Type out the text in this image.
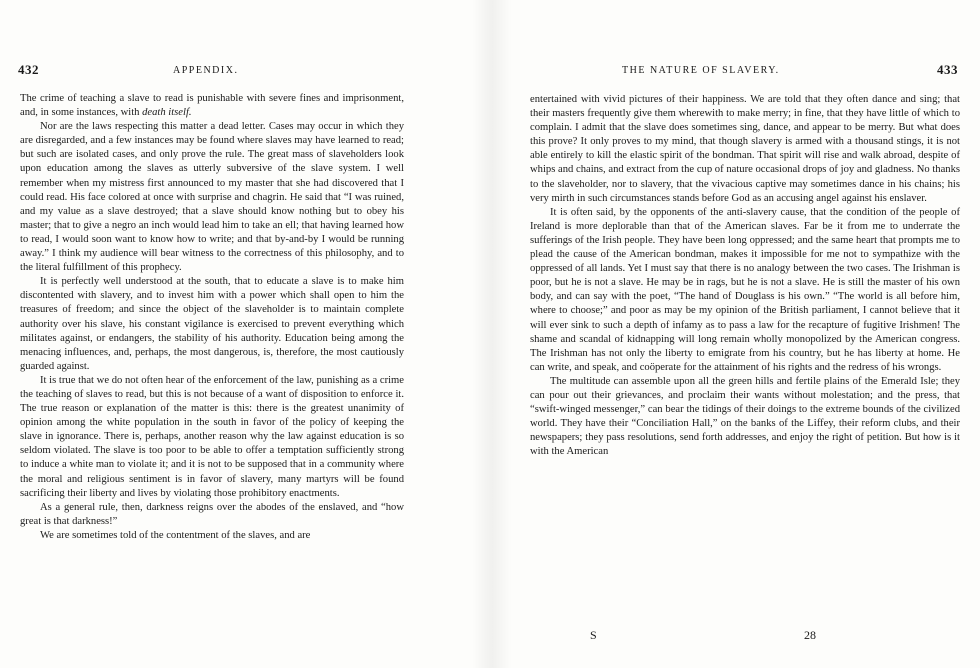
432	APPENDIX.

The crime of teaching a slave to read is punishable with severe fines and imprisonment, and, in some instances, with death itself.

Nor are the laws respecting this matter a dead letter. Cases may occur in which they are disregarded, and a few instances may be found where slaves may have learned to read; but such are isolated cases, and only prove the rule. The great mass of slaveholders look upon education among the slaves as utterly subversive of the slave system. I well remember when my mistress first announced to my master that she had discovered that I could read. His face colored at once with surprise and chagrin. He said that “I was ruined, and my value as a slave destroyed; that a slave should know nothing but to obey his master; that to give a negro an inch would lead him to take an ell; that having learned how to read, I would soon want to know how to write; and that by-and-by I would be running away.” I think my audience will bear witness to the correctness of this philosophy, and to the literal fulfillment of this prophecy.

It is perfectly well understood at the south, that to educate a slave is to make him discontented with slavery, and to invest him with a power which shall open to him the treasures of freedom; and since the object of the slaveholder is to maintain complete authority over his slave, his constant vigilance is exercised to prevent everything which militates against, or endangers, the stability of his authority. Education being among the menacing influences, and, perhaps, the most dangerous, is, therefore, the most cautiously guarded against.

It is true that we do not often hear of the enforcement of the law, punishing as a crime the teaching of slaves to read, but this is not because of a want of disposition to enforce it. The true reason or explanation of the matter is this: there is the greatest unanimity of opinion among the white population in the south in favor of the policy of keeping the slave in ignorance. There is, perhaps, another reason why the law against education is so seldom violated. The slave is too poor to be able to offer a temptation sufficiently strong to induce a white man to violate it; and it is not to be supposed that in a community where the moral and religious sentiment is in favor of slavery, many martyrs will be found sacrificing their liberty and lives by violating those prohibitory enactments.

As a general rule, then, darkness reigns over the abodes of the enslaved, and “how great is that darkness!”

We are sometimes told of the contentment of the slaves, and are

THE NATURE OF SLAVERY.	433

entertained with vivid pictures of their happiness. We are told that they often dance and sing; that their masters frequently give them wherewith to make merry; in fine, that they have little of which to complain. I admit that the slave does sometimes sing, dance, and appear to be merry. But what does this prove? It only proves to my mind, that though slavery is armed with a thousand stings, it is not able entirely to kill the elastic spirit of the bondman. That spirit will rise and walk abroad, despite of whips and chains, and extract from the cup of nature occasional drops of joy and gladness. No thanks to the slaveholder, nor to slavery, that the vivacious captive may sometimes dance in his chains; his very mirth in such circumstances stands before God as an accusing angel against his enslaver.

It is often said, by the opponents of the anti-slavery cause, that the condition of the people of Ireland is more deplorable than that of the American slaves. Far be it from me to underrate the sufferings of the Irish people. They have been long oppressed; and the same heart that prompts me to plead the cause of the American bondman, makes it impossible for me not to sympathize with the oppressed of all lands. Yet I must say that there is no analogy between the two cases. The Irishman is poor, but he is not a slave. He may be in rags, but he is not a slave. He is still the master of his own body, and can say with the poet, “The hand of Douglass is his own.” “The world is all before him, where to choose;” and poor as may be my opinion of the British parliament, I cannot believe that it will ever sink to such a depth of infamy as to pass a law for the recapture of fugitive Irishmen! The shame and scandal of kidnapping will long remain wholly monopolized by the American congress. The Irishman has not only the liberty to emigrate from his country, but he has liberty at home. He can write, and speak, and coöperate for the attainment of his rights and the redress of his wrongs.

The multitude can assemble upon all the green hills and fertile plains of the Emerald Isle; they can pour out their grievances, and proclaim their wants without molestation; and the press, that “swift-winged messenger,” can bear the tidings of their doings to the extreme bounds of the civilized world. They have their “Conciliation Hall,” on the banks of the Liffey, their reform clubs, and their newspapers; they pass resolutions, send forth addresses, and enjoy the right of petition. But how is it with the American

S	28
